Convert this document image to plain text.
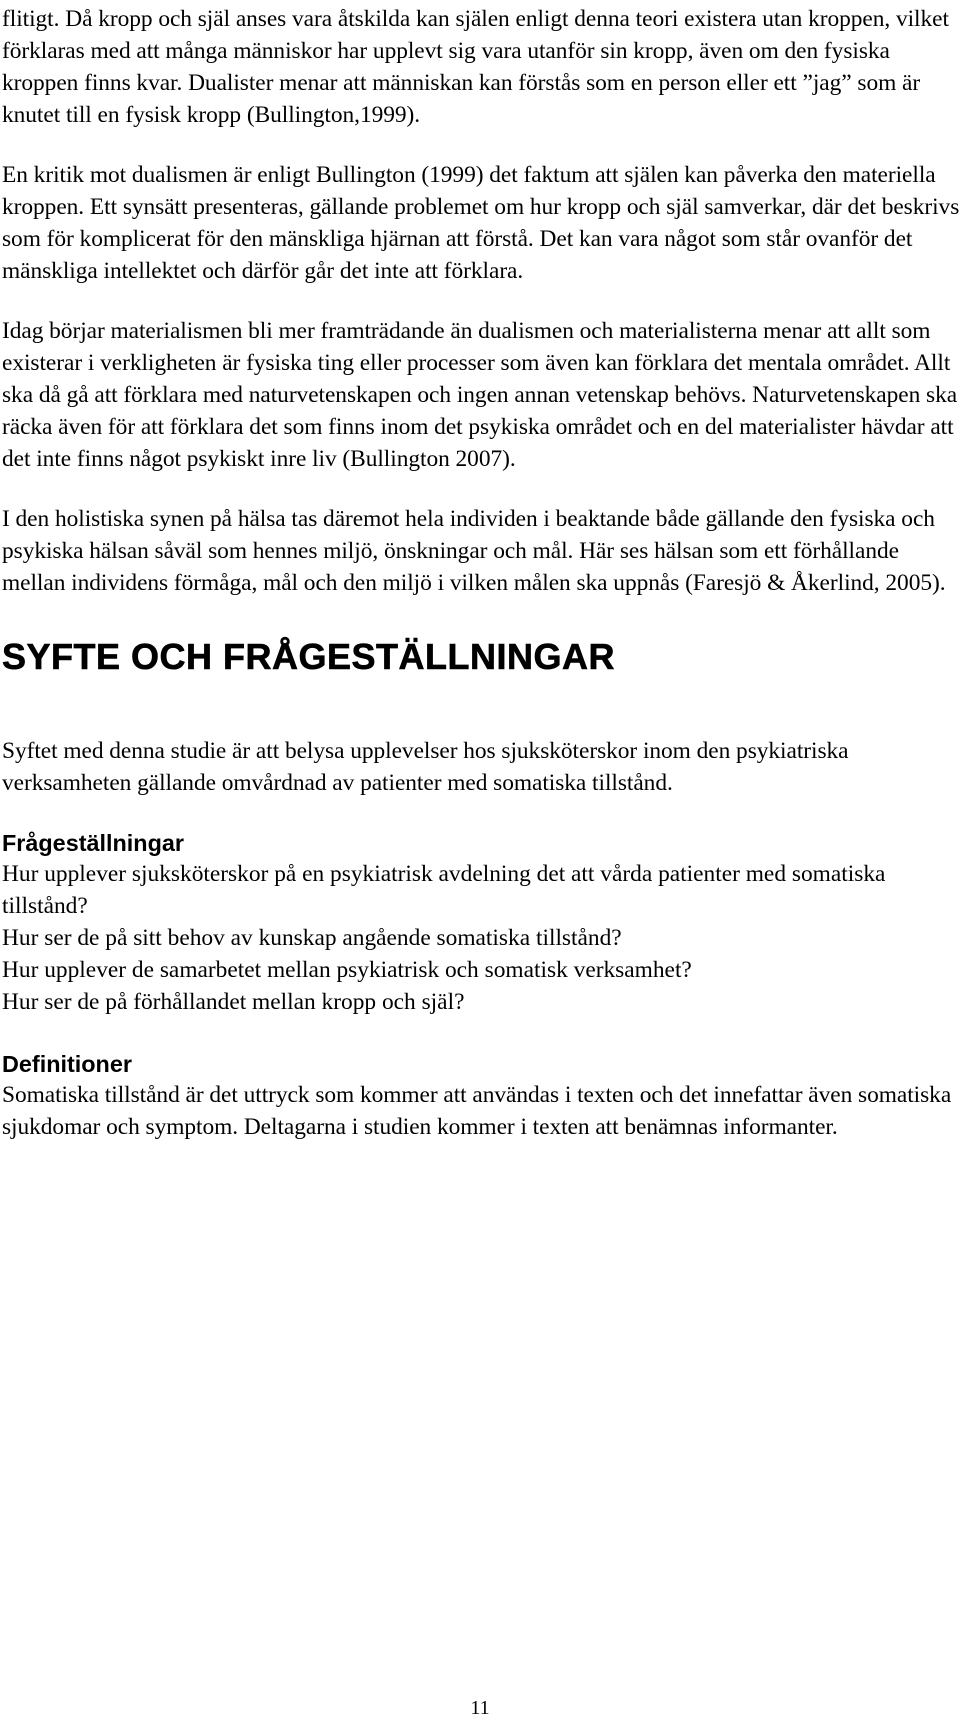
flitigt. Då kropp och själ anses vara åtskilda kan själen enligt denna teori existera utan kroppen, vilket förklaras med att många människor har upplevt sig vara utanför sin kropp, även om den fysiska kroppen finns kvar. Dualister menar att människan kan förstås som en person eller ett ”jag” som är knutet till en fysisk kropp (Bullington,1999).

En kritik mot dualismen är enligt Bullington (1999) det faktum att själen kan påverka den materiella kroppen. Ett synsätt presenteras, gällande problemet om hur kropp och själ samverkar, där det beskrivs som för komplicerat för den mänskliga hjärnan att förstå. Det kan vara något som står ovanför det mänskliga intellektet och därför går det inte att förklara.

Idag börjar materialismen bli mer framträdande än dualismen och materialisterna menar att allt som existerar i verkligheten är fysiska ting eller processer som även kan förklara det mentala området. Allt ska då gå att förklara med naturvetenskapen och ingen annan vetenskap behövs. Naturvetenskapen ska räcka även för att förklara det som finns inom det psykiska området och en del materialister hävdar att det inte finns något psykiskt inre liv (Bullington 2007).

I den holistiska synen på hälsa tas däremot hela individen i beaktande både gällande den fysiska och psykiska hälsan såväl som hennes miljö, önskningar och mål. Här ses hälsan som ett förhållande mellan individens förmåga, mål och den miljö i vilken målen ska uppnås (Faresjö & Åkerlind, 2005).

SYFTE OCH FRÅGESTÄLLNINGAR

Syftet med denna studie är att belysa upplevelser hos sjuksköterskor inom den psykiatriska verksamheten gällande omvårdnad av patienter med somatiska tillstånd.

Frågeställningar

Hur upplever sjuksköterskor på en psykiatrisk avdelning det att vårda patienter med somatiska tillstånd?

Hur ser de på sitt behov av kunskap angående somatiska tillstånd?

Hur upplever de samarbetet mellan psykiatrisk och somatisk verksamhet?

Hur ser de på förhållandet mellan kropp och själ?

Definitioner

Somatiska tillstånd är det uttryck som kommer att användas i texten och det innefattar även somatiska sjukdomar och symptom. Deltagarna i studien kommer i texten att benämnas informanter.

11
